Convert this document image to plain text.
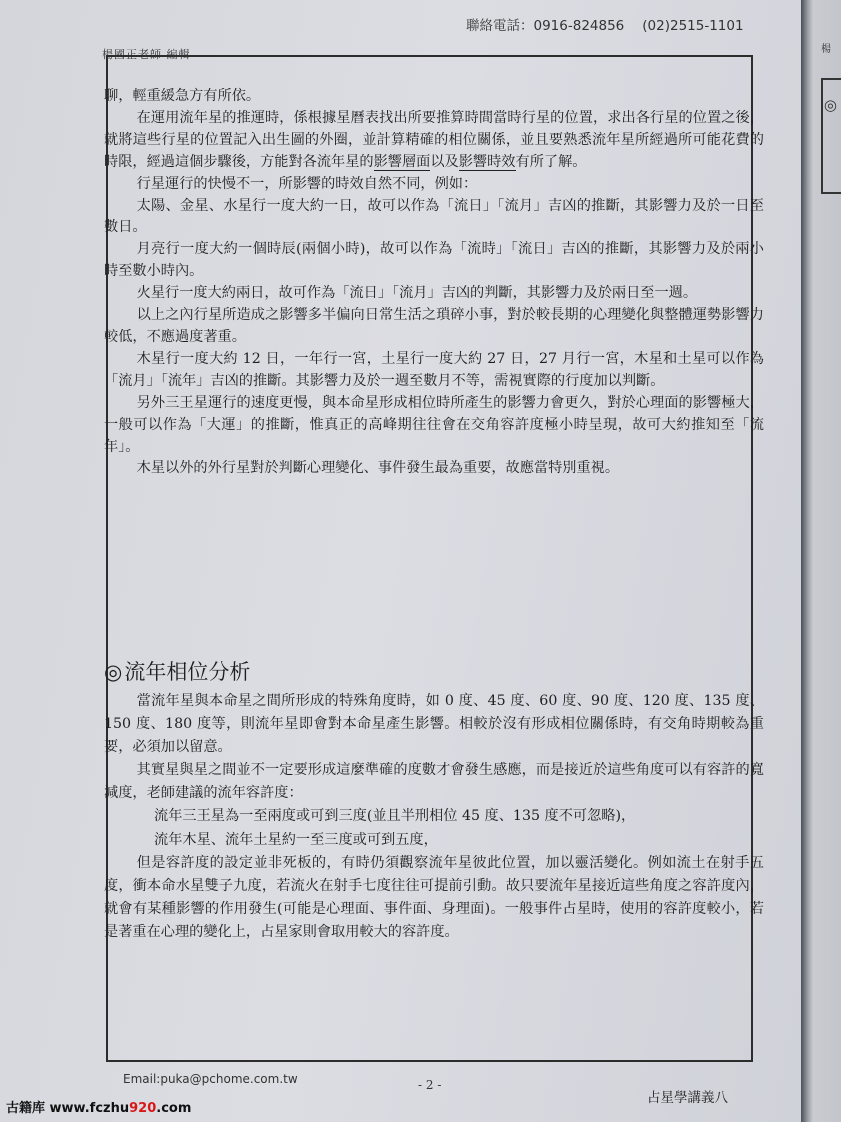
楊
◎
楊國正老師 編輯
聯絡電話：0916-824856 (02)2515-1101

聊，輕重緩急方有所依。

在運用流年星的推運時，係根據星曆表找出所要推算時間當時行星的位置，求出各行星的位置之後，就將這些行星的位置記入出生圖的外圈，並計算精確的相位關係，並且要熟悉流年星所經過所可能花費的時限，經過這個步驟後，方能對各流年星的影響層面以及影響時效有所了解。

行星運行的快慢不一，所影響的時效自然不同，例如：

太陽、金星、水星行一度大約一日，故可以作為「流日」「流月」吉凶的推斷，其影響力及於一日至數日。

月亮行一度大約一個時辰(兩個小時)，故可以作為「流時」「流日」吉凶的推斷，其影響力及於兩小時至數小時內。

火星行一度大約兩日，故可作為「流日」「流月」吉凶的判斷，其影響力及於兩日至一週。

以上之內行星所造成之影響多半偏向日常生活之瑣碎小事，對於較長期的心理變化與整體運勢影響力較低，不應過度著重。

木星行一度大約 12 日，一年行一宮，土星行一度大約 27 日，27 月行一宮，木星和土星可以作為「流月」「流年」吉凶的推斷。其影響力及於一週至數月不等，需視實際的行度加以判斷。

另外三王星運行的速度更慢，與本命星形成相位時所產生的影響力會更久，對於心理面的影響極大，一般可以作為「大運」的推斷，惟真正的高峰期往往會在交角容許度極小時呈現，故可大約推知至「流年」。

木星以外的外行星對於判斷心理變化、事件發生最為重要，故應當特別重視。

◎流年相位分析

當流年星與本命星之間所形成的特殊角度時，如 0 度、45 度、60 度、90 度、120 度、135 度、150 度、180 度等，則流年星即會對本命星產生影響。相較於沒有形成相位關係時，有交角時期較為重要，必須加以留意。

其實星與星之間並不一定要形成這麼準確的度數才會發生感應，而是接近於這些角度可以有容許的寬減度，老師建議的流年容許度：

流年三王星為一至兩度或可到三度(並且半刑相位 45 度、135 度不可忽略)，

流年木星、流年土星約一至三度或可到五度，

但是容許度的設定並非死板的，有時仍須觀察流年星彼此位置，加以靈活變化。例如流土在射手五度，衝本命水星雙子九度，若流火在射手七度往往可提前引動。故只要流年星接近這些角度之容許度內，就會有某種影響的作用發生(可能是心理面、事件面、身理面)。一般事件占星時，使用的容許度較小，若是著重在心理的變化上，占星家則會取用較大的容許度。

Email:puka@pchome.com.tw	- 2 -
占星學講義八
古籍库 www.fczhu920.com
